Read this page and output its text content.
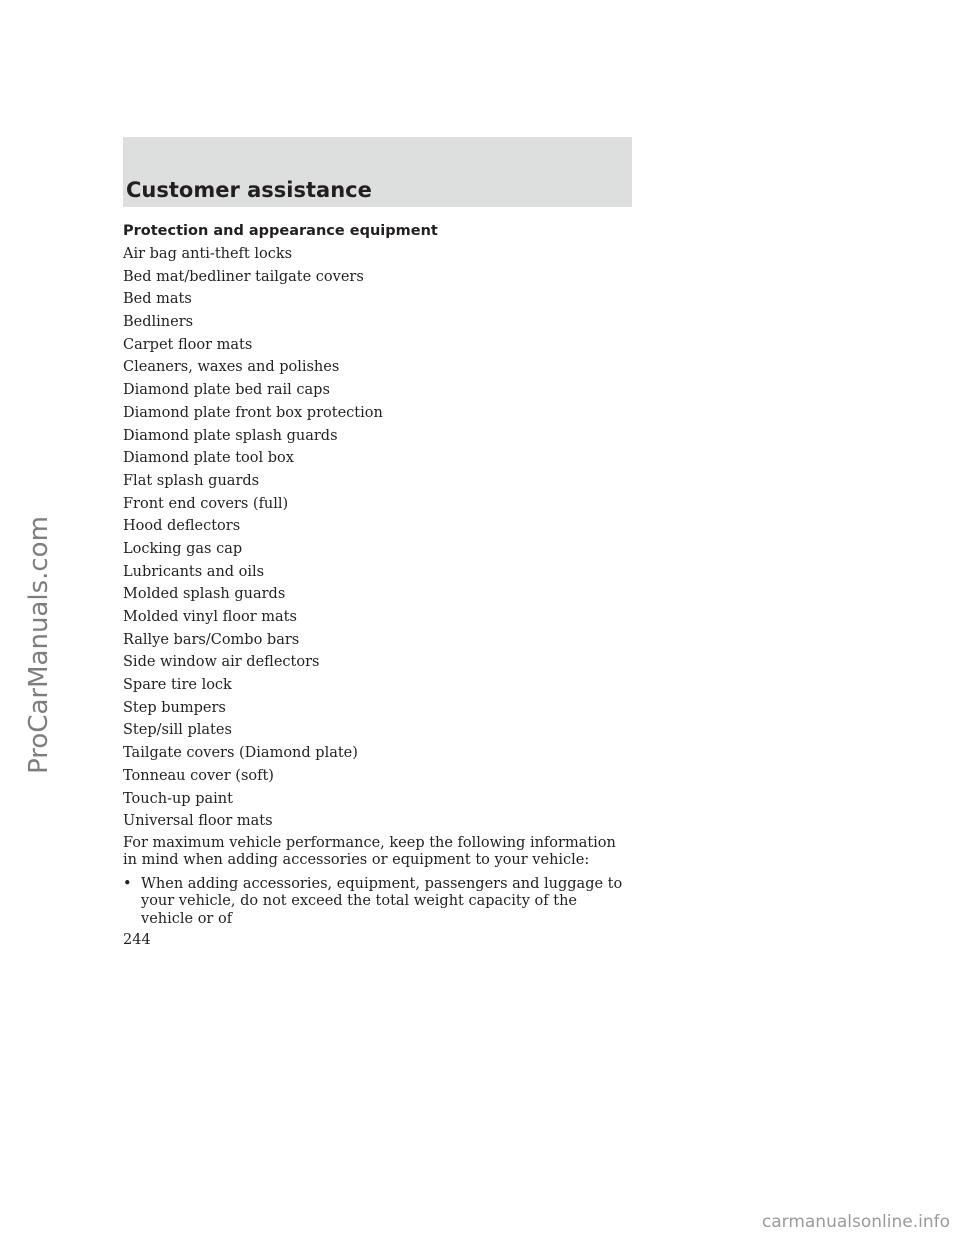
ProCarManuals.com
Customer assistance
Protection and appearance equipment
Air bag anti-theft locks
Bed mat/bedliner tailgate covers
Bed mats
Bedliners
Carpet floor mats
Cleaners, waxes and polishes
Diamond plate bed rail caps
Diamond plate front box protection
Diamond plate splash guards
Diamond plate tool box
Flat splash guards
Front end covers (full)
Hood deflectors
Locking gas cap
Lubricants and oils
Molded splash guards
Molded vinyl floor mats
Rallye bars/Combo bars
Side window air deflectors
Spare tire lock
Step bumpers
Step/sill plates
Tailgate covers (Diamond plate)
Tonneau cover (soft)
Touch-up paint
Universal floor mats

For maximum vehicle performance, keep the following information in mind when adding accessories or equipment to your vehicle:

• When adding accessories, equipment, passengers and luggage to your vehicle, do not exceed the total weight capacity of the vehicle or of
244
carmanualsonline.info
